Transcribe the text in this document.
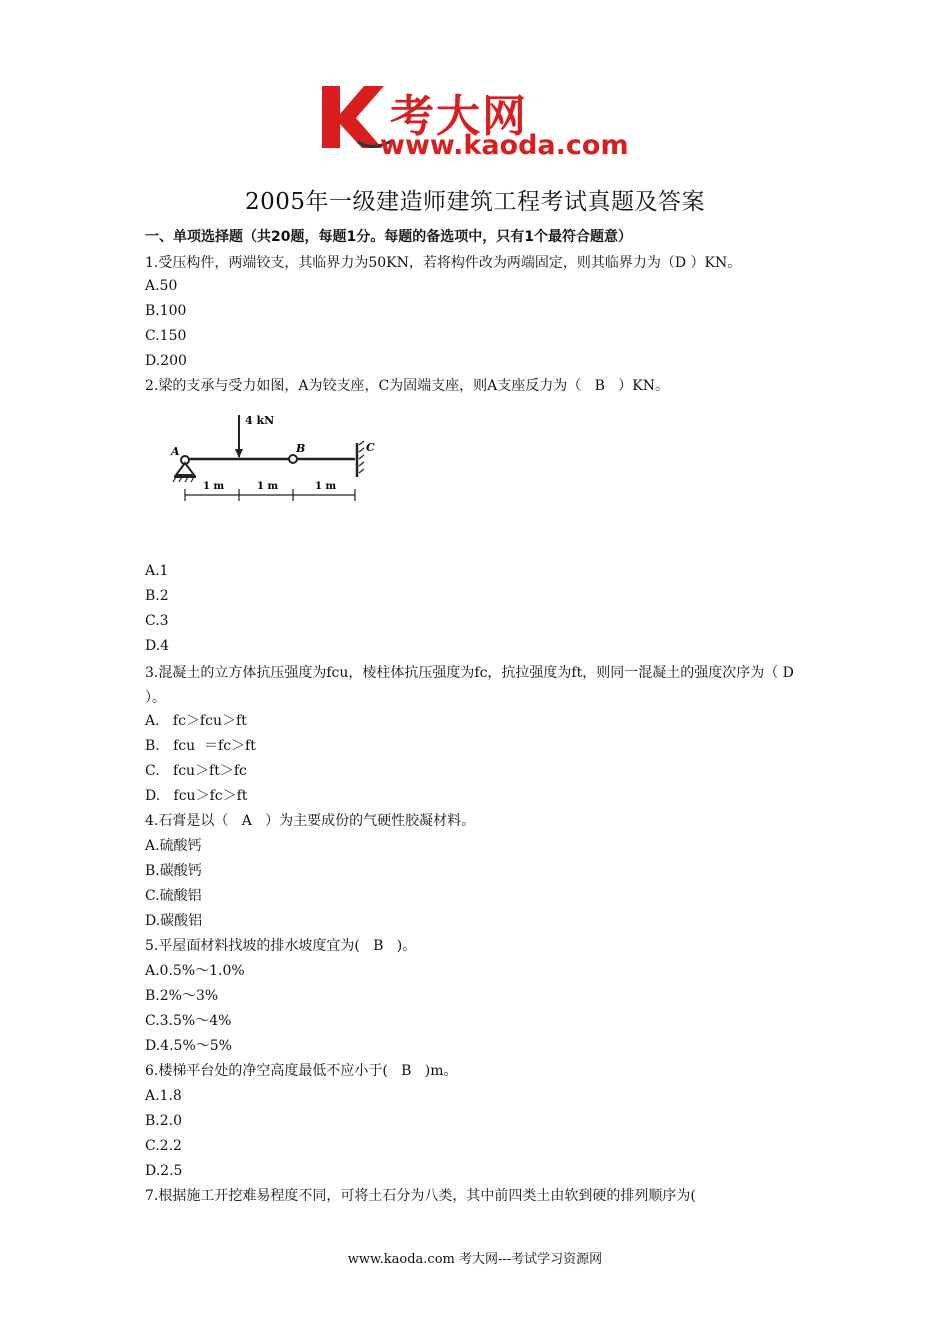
考大网
www.kaoda.com
2005年一级建造师建筑工程考试真题及答案
一、单项选择题（共20题，每题1分。每题的备选项中，只有1个最符合题意）
1.受压构件，两端铰支，其临界力为50KN，若将构件改为两端固定，则其临界力为（D ）KN。
A.50
B.100
C.150
D.200
2.梁的支承与受力如图，A为铰支座，C为固端支座，则A支座反力为（   B   ）KN。
4 kN
A	B	C
1 m	1 m	1 m
A.1
B.2
C.3
D.4
3.混凝土的立方体抗压强度为fcu，棱柱体抗压强度为fc，抗拉强度为ft，则同一混凝土的强度次序为（ D ）。
A.   fc＞fcu＞ft
B.   fcu  ＝fc＞ft
C.   fcu＞ft＞fc
D.   fcu＞fc＞ft
4.石膏是以（   A   ）为主要成份的气硬性胶凝材料。
A.硫酸钙
B.碳酸钙
C.硫酸铝
D.碳酸铝
5.平屋面材料找坡的排水坡度宜为(   B   )。
A.0.5%～1.0%
B.2%～3%
C.3.5%～4%
D.4.5%～5%
6.楼梯平台处的净空高度最低不应小于(   B   )m。
A.1.8
B.2.0
C.2.2
D.2.5
7.根据施工开挖难易程度不同，可将土石分为八类，其中前四类土由软到硬的排列顺序为(
www.kaoda.com 考大网---考试学习资源网
